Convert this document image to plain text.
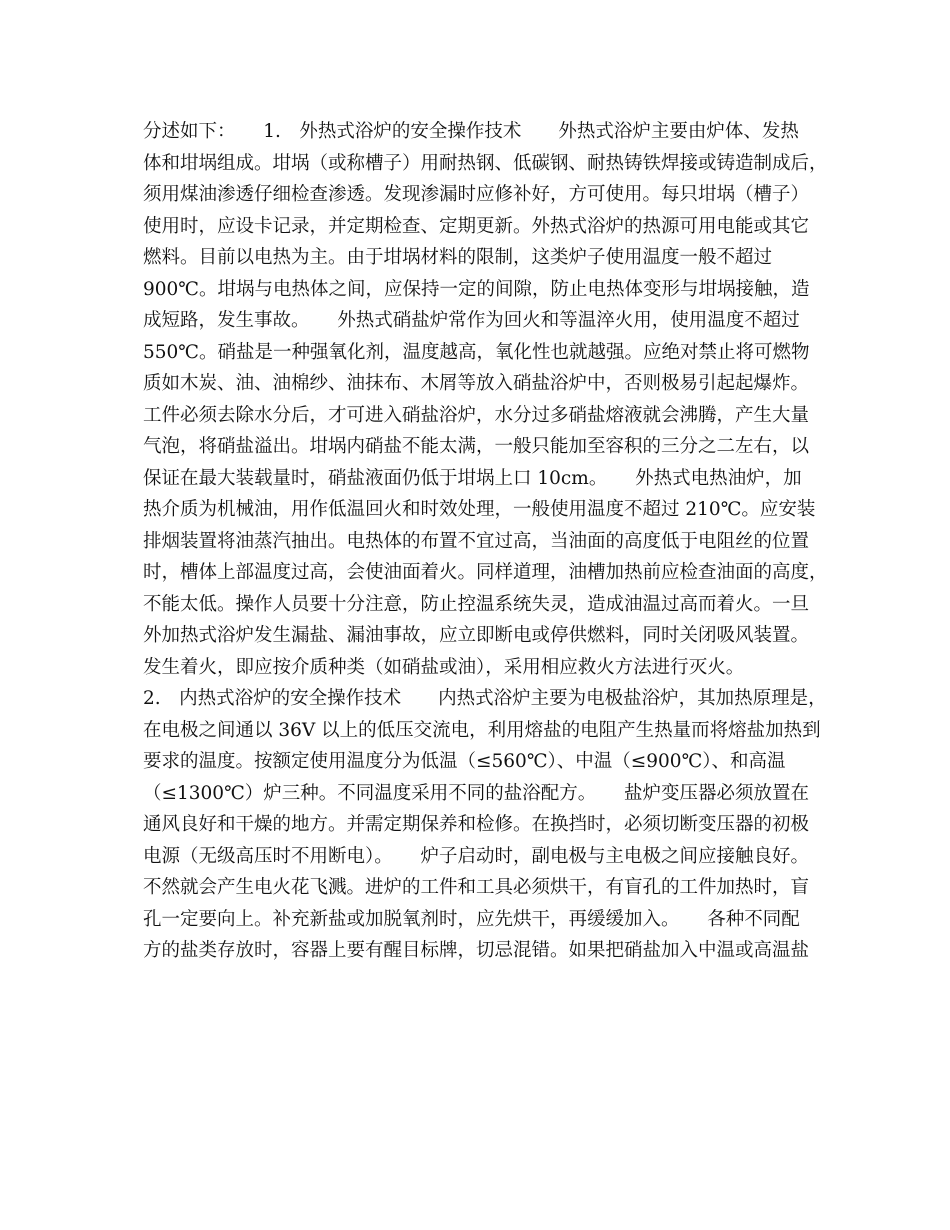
分述如下：　　1.　外热式浴炉的安全操作技术　　外热式浴炉主要由炉体、发热
体和坩埚组成。坩埚（或称槽子）用耐热钢、低碳钢、耐热铸铁焊接或铸造制成后，
须用煤油渗透仔细检查渗透。发现渗漏时应修补好，方可使用。每只坩埚（槽子）
使用时，应设卡记录，并定期检查、定期更新。外热式浴炉的热源可用电能或其它
燃料。目前以电热为主。由于坩埚材料的限制，这类炉子使用温度一般不超过
900℃。坩埚与电热体之间，应保持一定的间隙，防止电热体变形与坩埚接触，造
成短路，发生事故。　　外热式硝盐炉常作为回火和等温淬火用，使用温度不超过
550℃。硝盐是一种强氧化剂，温度越高，氧化性也就越强。应绝对禁止将可燃物
质如木炭、油、油棉纱、油抹布、木屑等放入硝盐浴炉中，否则极易引起起爆炸。
工件必须去除水分后，才可进入硝盐浴炉，水分过多硝盐熔液就会沸腾，产生大量
气泡，将硝盐溢出。坩埚内硝盐不能太满，一般只能加至容积的三分之二左右，以
保证在最大装载量时，硝盐液面仍低于坩埚上口 10cm。　　外热式电热油炉，加
热介质为机械油，用作低温回火和时效处理，一般使用温度不超过 210℃。应安装
排烟装置将油蒸汽抽出。电热体的布置不宜过高，当油面的高度低于电阻丝的位置
时，槽体上部温度过高，会使油面着火。同样道理，油槽加热前应检查油面的高度，
不能太低。操作人员要十分注意，防止控温系统失灵，造成油温过高而着火。一旦
外加热式浴炉发生漏盐、漏油事故，应立即断电或停供燃料，同时关闭吸风装置。
发生着火，即应按介质种类（如硝盐或油），采用相应救火方法进行灭火。
2.　内热式浴炉的安全操作技术　　内热式浴炉主要为电极盐浴炉，其加热原理是，
在电极之间通以 36V 以上的低压交流电，利用熔盐的电阻产生热量而将熔盐加热到
要求的温度。按额定使用温度分为低温（≤560℃）、中温（≤900℃）、和高温
（≤1300℃）炉三种。不同温度采用不同的盐浴配方。　　盐炉变压器必须放置在
通风良好和干燥的地方。并需定期保养和检修。在换挡时，必须切断变压器的初极
电源（无级高压时不用断电）。　　炉子启动时，副电极与主电极之间应接触良好。
不然就会产生电火花飞溅。进炉的工件和工具必须烘干，有盲孔的工件加热时，盲
孔一定要向上。补充新盐或加脱氧剂时，应先烘干，再缓缓加入。　　各种不同配
方的盐类存放时，容器上要有醒目标牌，切忌混错。如果把硝盐加入中温或高温盐
